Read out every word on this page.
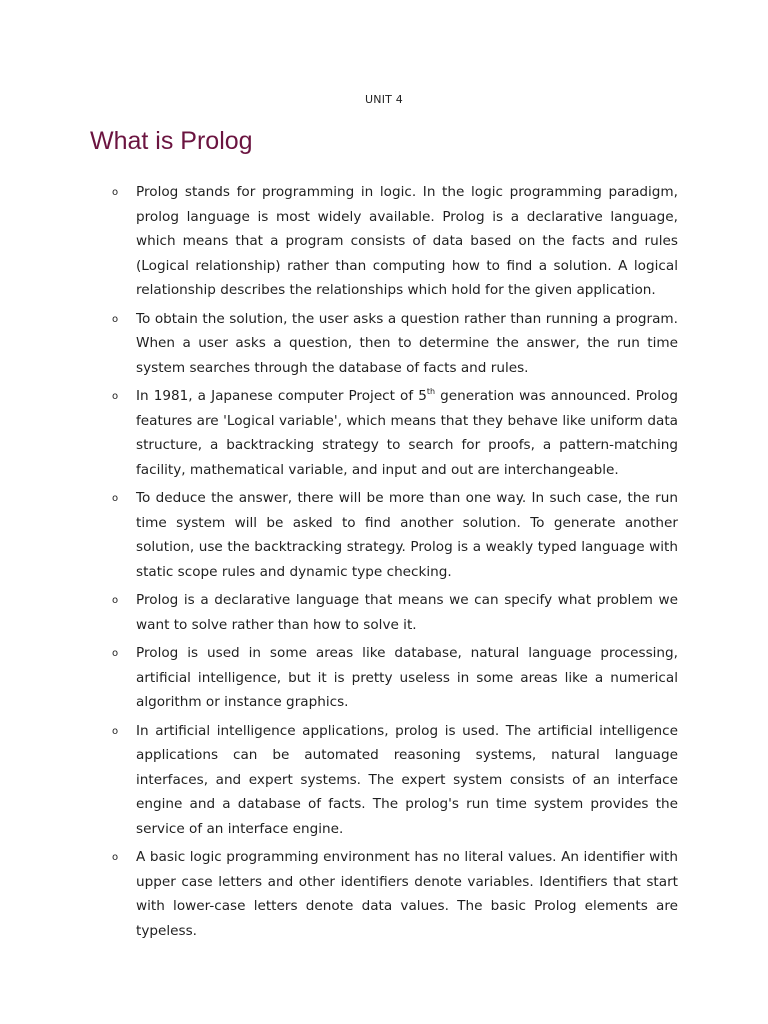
UNIT 4
What is Prolog
o	Prolog stands for programming in logic. In the logic programming paradigm, prolog language is most widely available. Prolog is a declarative language, which means that a program consists of data based on the facts and rules (Logical relationship) rather than computing how to find a solution. A logical relationship describes the relationships which hold for the given application.

o	To obtain the solution, the user asks a question rather than running a program. When a user asks a question, then to determine the answer, the run time system searches through the database of facts and rules.

o	In 1981, a Japanese computer Project of 5th generation was announced. Prolog features are 'Logical variable', which means that they behave like uniform data structure, a backtracking strategy to search for proofs, a pattern-matching facility, mathematical variable, and input and out are interchangeable.

o	To deduce the answer, there will be more than one way. In such case, the run time system will be asked to find another solution. To generate another solution, use the backtracking strategy. Prolog is a weakly typed language with static scope rules and dynamic type checking.

o	Prolog is a declarative language that means we can specify what problem we want to solve rather than how to solve it.

o	Prolog is used in some areas like database, natural language processing, artificial intelligence, but it is pretty useless in some areas like a numerical algorithm or instance graphics.

o	In artificial intelligence applications, prolog is used. The artificial intelligence applications can be automated reasoning systems, natural language interfaces, and expert systems. The expert system consists of an interface engine and a database of facts. The prolog's run time system provides the service of an interface engine.

o	A basic logic programming environment has no literal values. An identifier with upper case letters and other identifiers denote variables. Identifiers that start with lower-case letters denote data values. The basic Prolog elements are typeless.
